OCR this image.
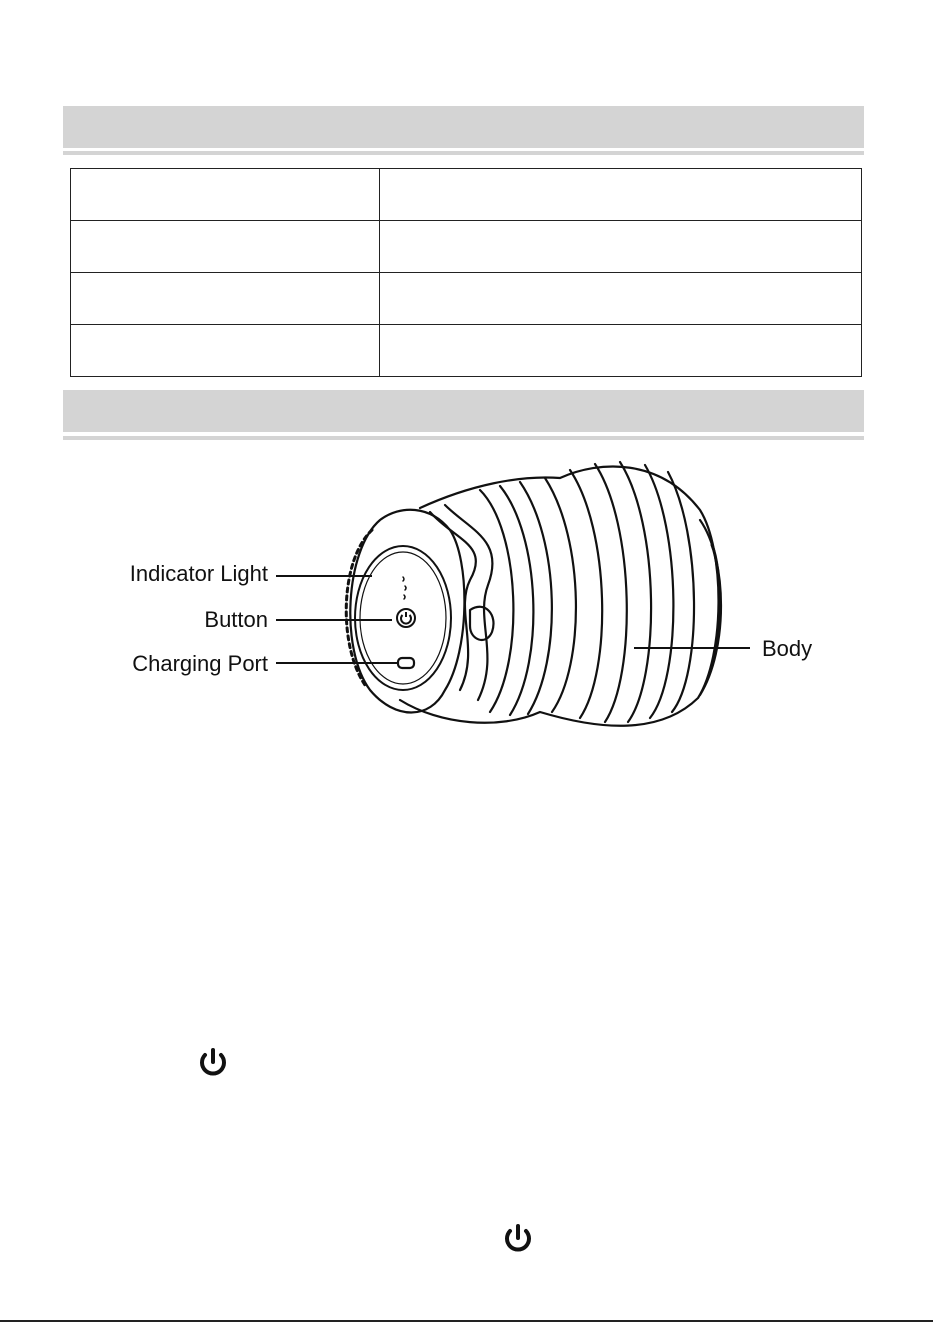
Indicator Light
Button
Charging Port
Body
